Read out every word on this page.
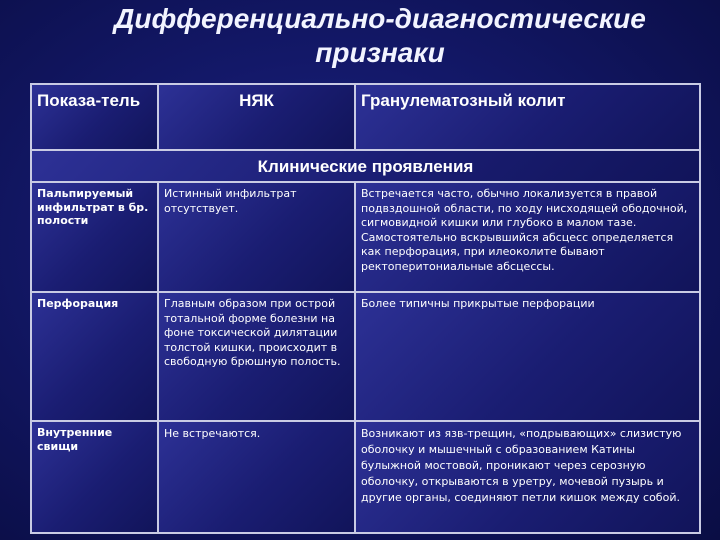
Дифференциально-диагностические
признаки
Показа-тель	НЯК	Гранулематозный колит
Клинические проявления		
Пальпируемый инфильтрат в бр. полости	Истинный инфильтрат отсутствует.	Встречается часто, обычно локализуется в правой подвздошной области, по ходу нисходящей ободочной, сигмовидной кишки или глубоко в малом тазе. Самостоятельно вскрывшийся абсцесс определяется как перфорация, при илеоколите бывают ректоперитониальные абсцессы.
Перфорация	Главным образом при острой тотальной форме болезни на фоне токсической дилятации толстой кишки, происходит в свободную брюшную полость.	Более типичны прикрытые перфорации
Внутренние свищи	Не встречаются.	Возникают из язв-трещин, «подрывающих» слизистую оболочку и мышечный с образованием Катины булыжной мостовой, проникают через серозную оболочку, открываются в уретру, мочевой пузырь и другие органы, соединяют петли кишок между собой.
